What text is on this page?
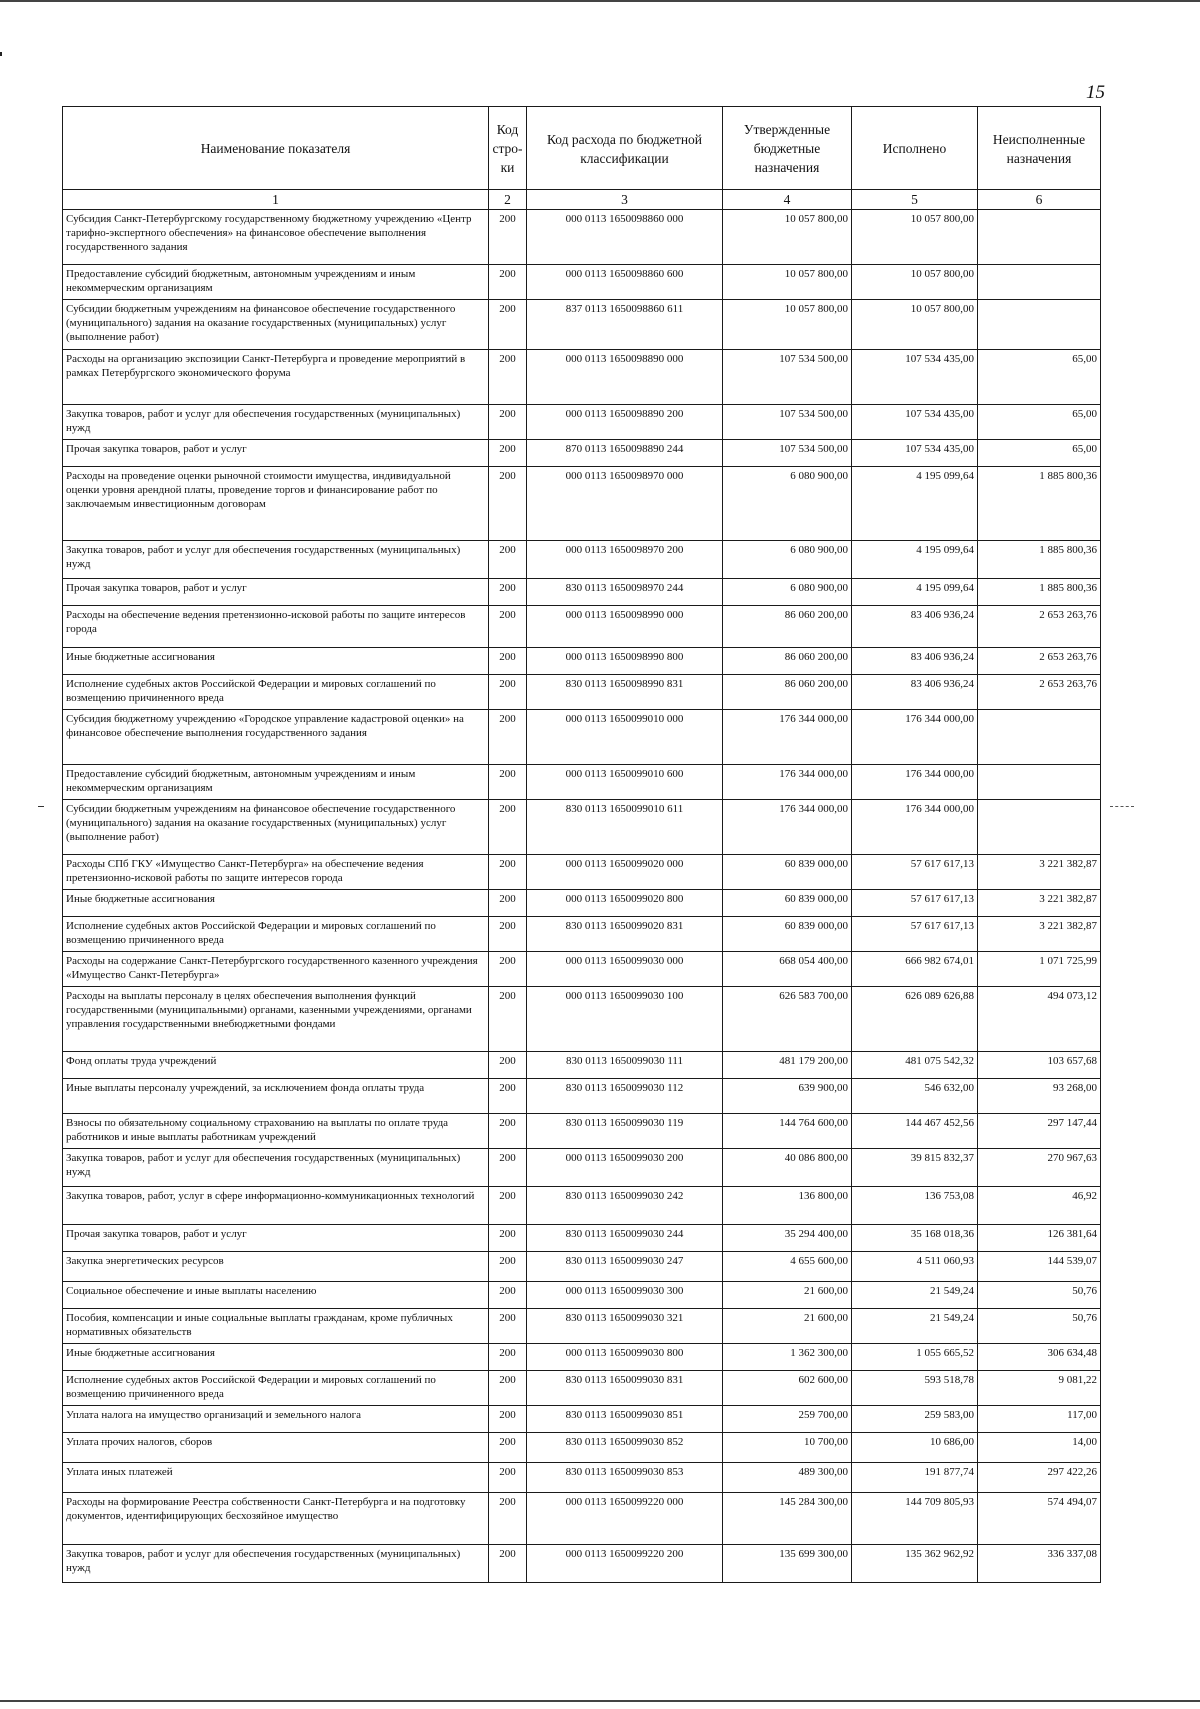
15
Наименование показателя	Код стро-ки	Код расхода по бюджетной классификации	Утвержденные бюджетные назначения	Исполнено	Неисполненные назначения
1	2	3	4	5	6
Субсидия Санкт-Петербургскому государственному бюджетному учреждению «Центр тарифно-экспертного обеспечения» на финансовое обеспечение выполнения государственного задания	200	000 0113 1650098860 000	10 057 800,00	10 057 800,00	
Предоставление субсидий бюджетным, автономным учреждениям и иным некоммерческим организациям	200	000 0113 1650098860 600	10 057 800,00	10 057 800,00	
Субсидии бюджетным учреждениям на финансовое обеспечение государственного (муниципального) задания на оказание государственных (муниципальных) услуг (выполнение работ)	200	837 0113 1650098860 611	10 057 800,00	10 057 800,00	
Расходы на организацию экспозиции Санкт-Петербурга и проведение мероприятий в рамках Петербургского экономического форума	200	000 0113 1650098890 000	107 534 500,00	107 534 435,00	65,00
Закупка товаров, работ и услуг для обеспечения государственных (муниципальных) нужд	200	000 0113 1650098890 200	107 534 500,00	107 534 435,00	65,00
Прочая закупка товаров, работ и услуг	200	870 0113 1650098890 244	107 534 500,00	107 534 435,00	65,00
Расходы на проведение оценки рыночной стоимости имущества, индивидуальной оценки уровня арендной платы, проведение торгов и финансирование работ по заключаемым инвестиционным договорам	200	000 0113 1650098970 000	6 080 900,00	4 195 099,64	1 885 800,36
Закупка товаров, работ и услуг для обеспечения государственных (муниципальных) нужд	200	000 0113 1650098970 200	6 080 900,00	4 195 099,64	1 885 800,36
Прочая закупка товаров, работ и услуг	200	830 0113 1650098970 244	6 080 900,00	4 195 099,64	1 885 800,36
Расходы на обеспечение ведения претензионно-исковой работы по защите интересов города	200	000 0113 1650098990 000	86 060 200,00	83 406 936,24	2 653 263,76
Иные бюджетные ассигнования	200	000 0113 1650098990 800	86 060 200,00	83 406 936,24	2 653 263,76
Исполнение судебных актов Российской Федерации и мировых соглашений по возмещению причиненного вреда	200	830 0113 1650098990 831	86 060 200,00	83 406 936,24	2 653 263,76
Субсидия бюджетному учреждению «Городское управление кадастровой оценки» на финансовое обеспечение выполнения государственного задания	200	000 0113 1650099010 000	176 344 000,00	176 344 000,00	
Предоставление субсидий бюджетным, автономным учреждениям и иным некоммерческим организациям	200	000 0113 1650099010 600	176 344 000,00	176 344 000,00	
Субсидии бюджетным учреждениям на финансовое обеспечение государственного (муниципального) задания на оказание государственных (муниципальных) услуг (выполнение работ)	200	830 0113 1650099010 611	176 344 000,00	176 344 000,00	
Расходы СПб ГКУ «Имущество Санкт-Петербурга» на обеспечение ведения претензионно-исковой работы по защите интересов города	200	000 0113 1650099020 000	60 839 000,00	57 617 617,13	3 221 382,87
Иные бюджетные ассигнования	200	000 0113 1650099020 800	60 839 000,00	57 617 617,13	3 221 382,87
Исполнение судебных актов Российской Федерации и мировых соглашений по возмещению причиненного вреда	200	830 0113 1650099020 831	60 839 000,00	57 617 617,13	3 221 382,87
Расходы на содержание Санкт-Петербургского государственного казенного учреждения «Имущество Санкт-Петербурга»	200	000 0113 1650099030 000	668 054 400,00	666 982 674,01	1 071 725,99
Расходы на выплаты персоналу в целях обеспечения выполнения функций государственными (муниципальными) органами, казенными учреждениями, органами управления государственными внебюджетными фондами	200	000 0113 1650099030 100	626 583 700,00	626 089 626,88	494 073,12
Фонд оплаты труда учреждений	200	830 0113 1650099030 111	481 179 200,00	481 075 542,32	103 657,68
Иные выплаты персоналу учреждений, за исключением фонда оплаты труда	200	830 0113 1650099030 112	639 900,00	546 632,00	93 268,00
Взносы по обязательному социальному страхованию на выплаты по оплате труда работников и иные выплаты работникам учреждений	200	830 0113 1650099030 119	144 764 600,00	144 467 452,56	297 147,44
Закупка товаров, работ и услуг для обеспечения государственных (муниципальных) нужд	200	000 0113 1650099030 200	40 086 800,00	39 815 832,37	270 967,63
Закупка товаров, работ, услуг в сфере информационно-коммуникационных технологий	200	830 0113 1650099030 242	136 800,00	136 753,08	46,92
Прочая закупка товаров, работ и услуг	200	830 0113 1650099030 244	35 294 400,00	35 168 018,36	126 381,64
Закупка энергетических ресурсов	200	830 0113 1650099030 247	4 655 600,00	4 511 060,93	144 539,07
Социальное обеспечение и иные выплаты населению	200	000 0113 1650099030 300	21 600,00	21 549,24	50,76
Пособия, компенсации и иные социальные выплаты гражданам, кроме публичных нормативных обязательств	200	830 0113 1650099030 321	21 600,00	21 549,24	50,76
Иные бюджетные ассигнования	200	000 0113 1650099030 800	1 362 300,00	1 055 665,52	306 634,48
Исполнение судебных актов Российской Федерации и мировых соглашений по возмещению причиненного вреда	200	830 0113 1650099030 831	602 600,00	593 518,78	9 081,22
Уплата налога на имущество организаций и земельного налога	200	830 0113 1650099030 851	259 700,00	259 583,00	117,00
Уплата прочих налогов, сборов	200	830 0113 1650099030 852	10 700,00	10 686,00	14,00
Уплата иных платежей	200	830 0113 1650099030 853	489 300,00	191 877,74	297 422,26
Расходы на формирование Реестра собственности Санкт-Петербурга и на подготовку документов, идентифицирующих бесхозяйное имущество	200	000 0113 1650099220 000	145 284 300,00	144 709 805,93	574 494,07
Закупка товаров, работ и услуг для обеспечения государственных (муниципальных) нужд	200	000 0113 1650099220 200	135 699 300,00	135 362 962,92	336 337,08
